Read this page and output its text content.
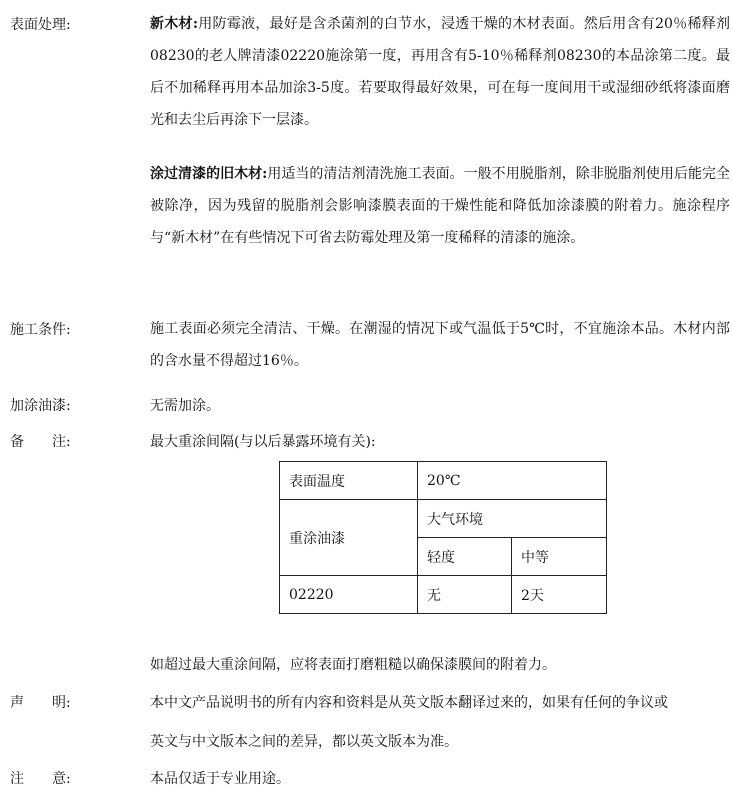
表面处理:	新木材:用防霉液，最好是含杀菌剂的白节水，浸透干燥的木材表面。然后用含有20％稀释剂08230的老人牌清漆02220施涂第一度，再用含有5-10％稀释剂08230的本品涂第二度。最后不加稀释再用本品加涂3-5度。若要取得最好效果，可在每一度间用干或湿细砂纸将漆面磨光和去尘后再涂下一层漆。
涂过清漆的旧木材:用适当的清洁剂清洗施工表面。一般不用脱脂剂，除非脱脂剂使用后能完全被除净，因为残留的脱脂剂会影响漆膜表面的干燥性能和降低加涂漆膜的附着力。施涂程序与“新木材”在有些情况下可省去防霉处理及第一度稀释的清漆的施涂。
施工条件:	施工表面必须完全清洁、干燥。在潮湿的情况下或气温低于5℃时，不宜施涂本品。木材内部的含水量不得超过16％。
加涂油漆:	无需加涂。
备　　注:	最大重涂间隔(与以后暴露环境有关):
表面温度	20℃	
重涂油漆	大气环境	
	轻度	中等
02220	无	2天
如超过最大重涂间隔，应将表面打磨粗糙以确保漆膜间的附着力。
声　　明:	本中文产品说明书的所有内容和资料是从英文版本翻译过来的，如果有任何的争议或
英文与中文版本之间的差异，都以英文版本为准。
注　　意:	本品仅适于专业用途。
